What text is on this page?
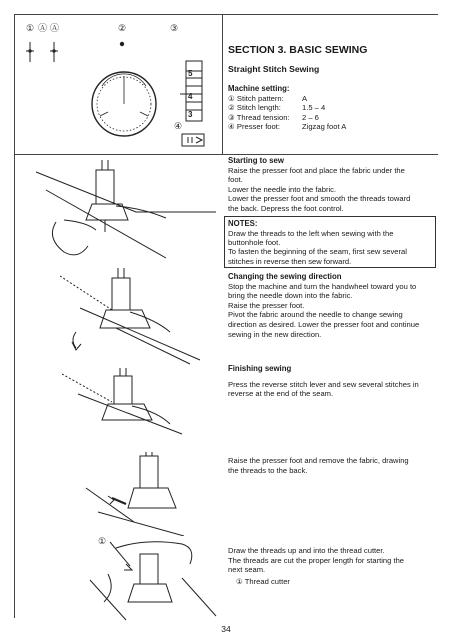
① Ⓐ Ⓐ	②	③
④
5
4
3

SECTION 3. BASIC SEWING

Straight Stitch Sewing

Machine setting:

① Stitch pattern:	A
② Stitch length:	1.5 – 4
③ Thread tension:	2 – 6
④ Presser foot:	Zigzag foot A

Starting to sew

Raise the presser foot and place the fabric under the

foot.

Lower the needle into the fabric.

Lower the presser foot and smooth the threads toward

the back. Depress the foot control.

NOTES:

Draw the threads to the left when sewing with the

buttonhole foot.

To fasten the beginning of the seam, first sew several

stitches in reverse then sew forward.

Changing the sewing direction

Stop the machine and turn the handwheel toward you to

bring the needle down into the fabric.

Raise the presser foot.

Pivot the fabric around the needle to change sewing

direction as desired. Lower the presser foot and continue

sewing in the new direction.

Finishing sewing

Press the reverse stitch lever and sew several stitches in

reverse at the end of the seam.

Raise the presser foot and remove the fabric, drawing

the threads to the back.

①

Draw the threads up and into the thread cutter.

The threads are cut the proper length for starting the

next seam.

① Thread cutter

34
